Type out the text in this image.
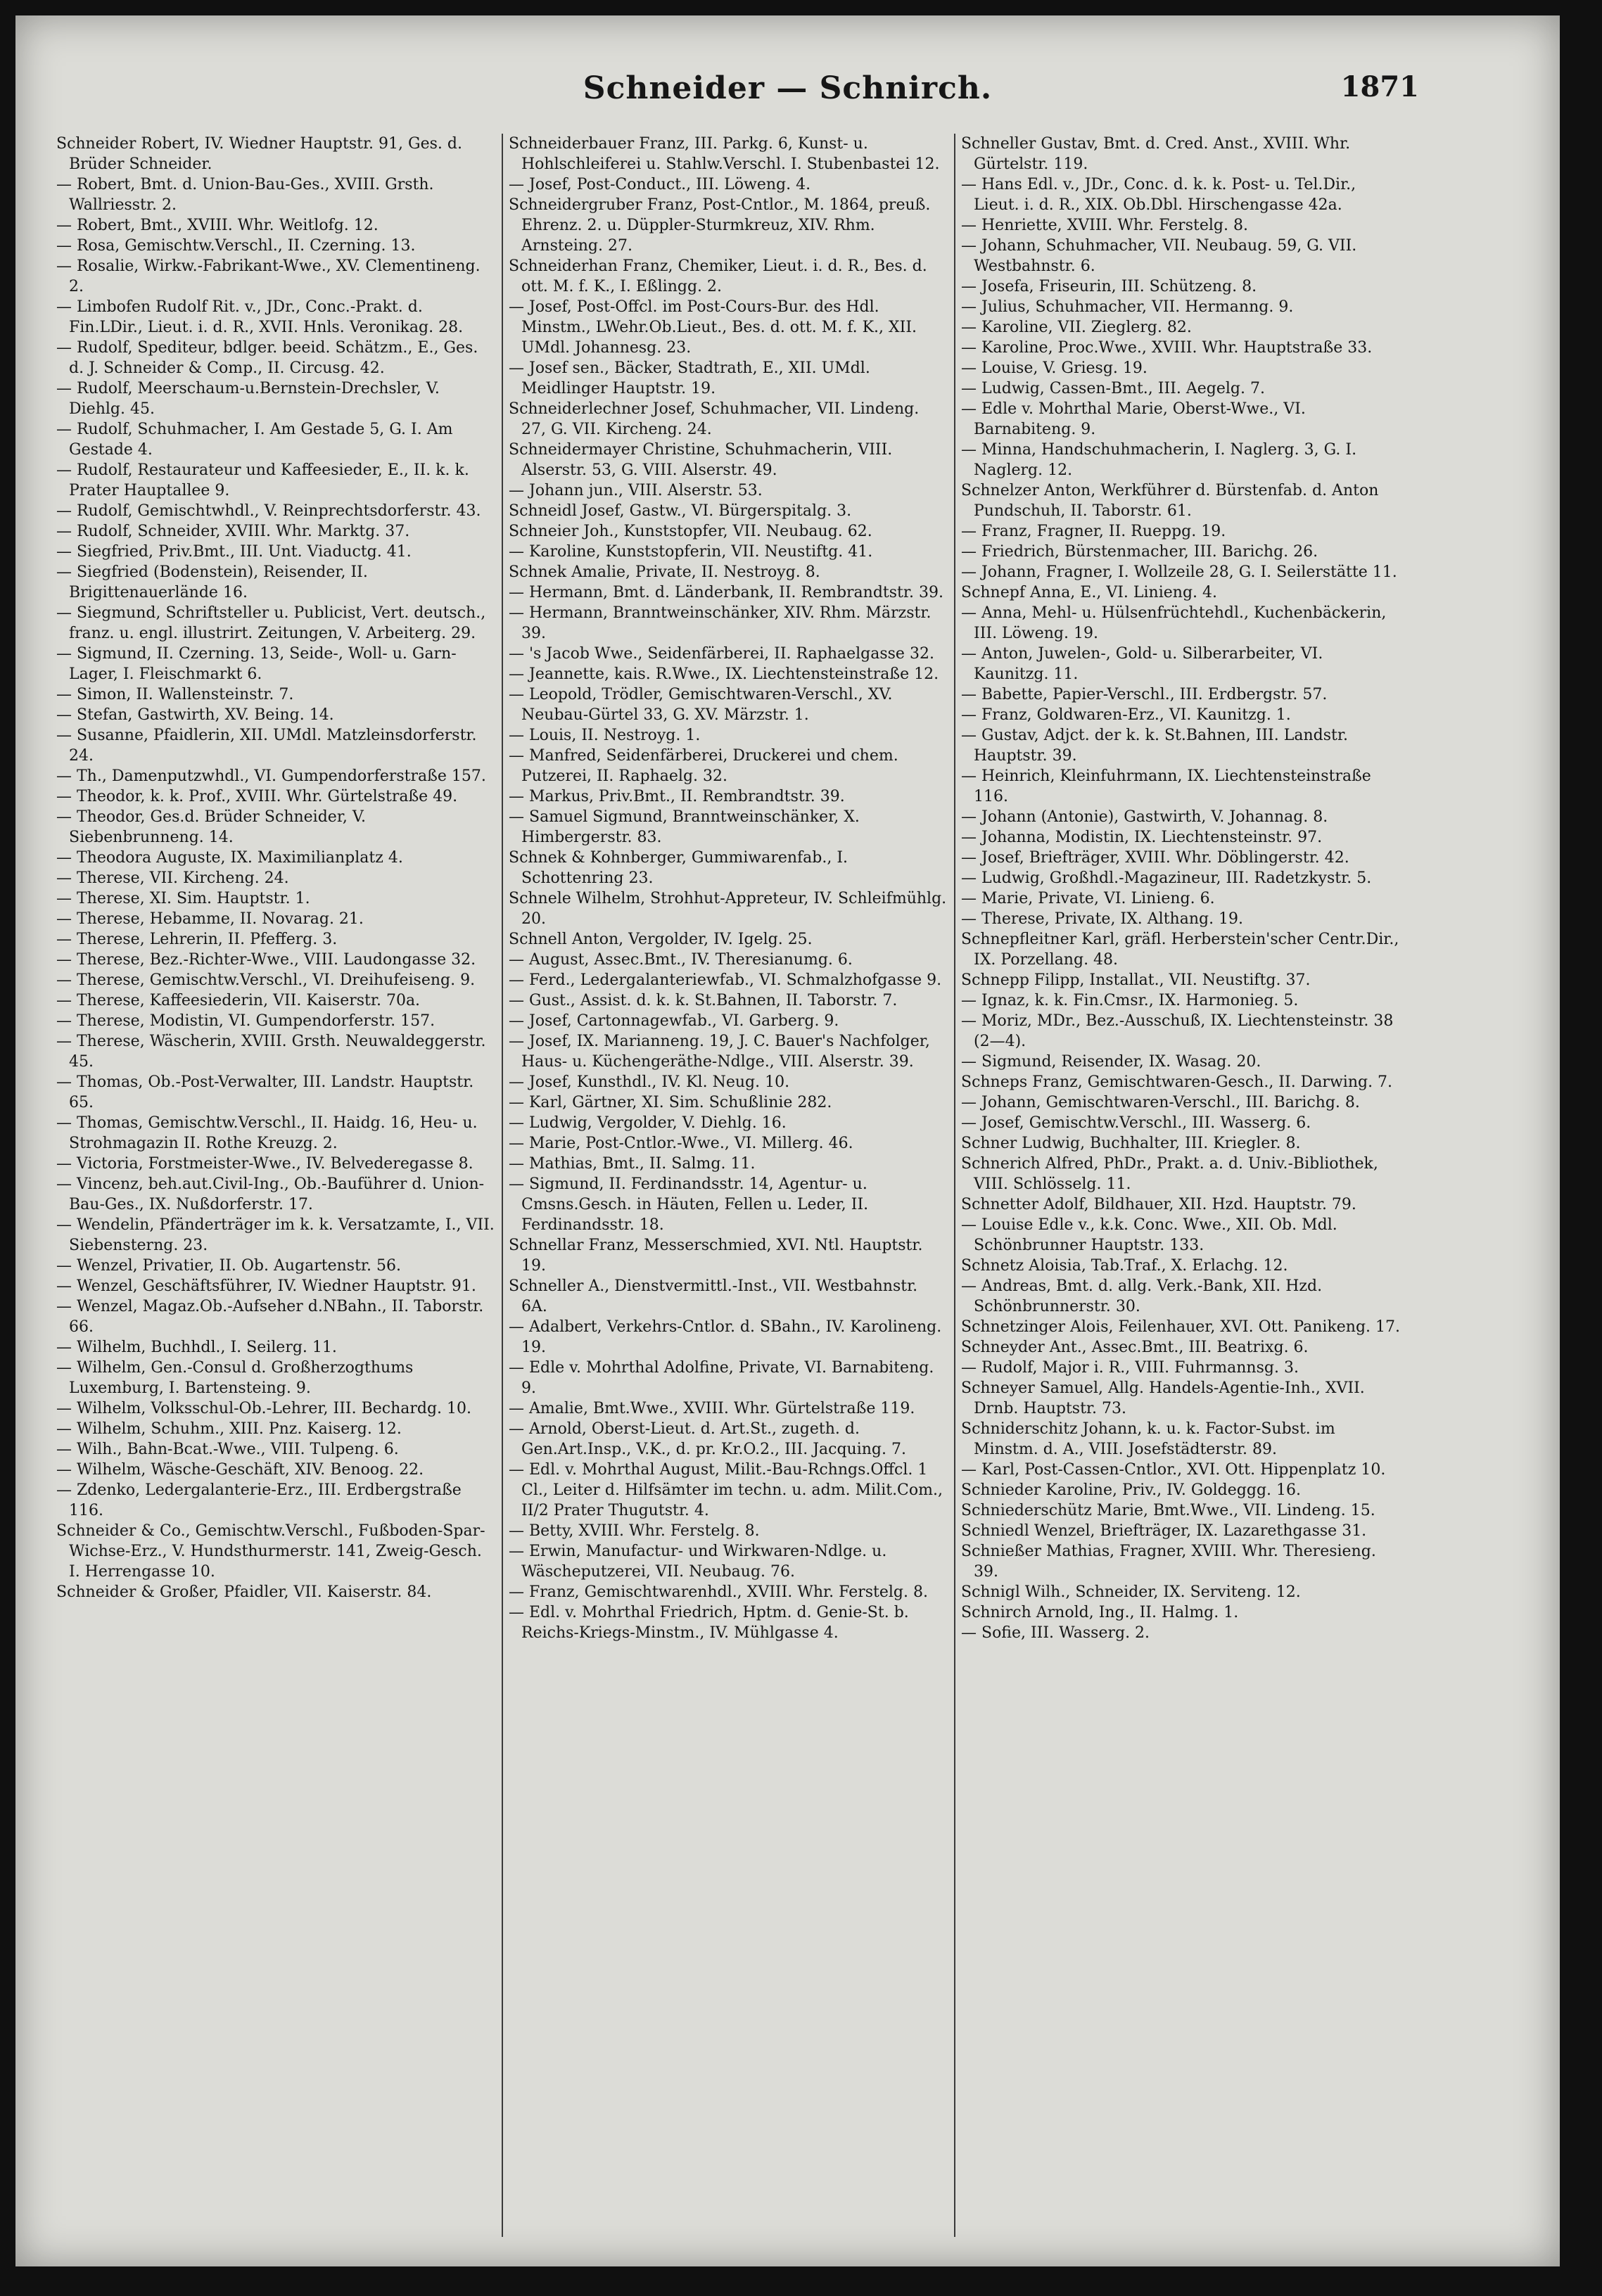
Schneider — Schnirch.	1871

Schneider Robert, IV. Wiedner Hauptstr. 91, Ges. d. Brüder Schneider.

— Robert, Bmt. d. Union-Bau-Ges., XVIII. Grsth. Wallriesstr. 2.

— Robert, Bmt., XVIII. Whr. Weitlofg. 12.

— Rosa, Gemischtw.Verschl., II. Czerning. 13.

— Rosalie, Wirkw.-Fabrikant-Wwe., XV. Clementineng. 2.

— Limbofen Rudolf Rit. v., JDr., Conc.-Prakt. d. Fin.LDir., Lieut. i. d. R., XVII. Hnls. Veronikag. 28.

— Rudolf, Spediteur, bdlger. beeid. Schätzm., E., Ges. d. J. Schneider & Comp., II. Circusg. 42.

— Rudolf, Meerschaum-u.Bernstein-Drechsler, V. Diehlg. 45.

— Rudolf, Schuhmacher, I. Am Gestade 5, G. I. Am Gestade 4.

— Rudolf, Restaurateur und Kaffeesieder, E., II. k. k. Prater Hauptallee 9.

— Rudolf, Gemischtwhdl., V. Reinprechtsdorferstr. 43.

— Rudolf, Schneider, XVIII. Whr. Marktg. 37.

— Siegfried, Priv.Bmt., III. Unt. Viaductg. 41.

— Siegfried (Bodenstein), Reisender, II. Brigittenauerlände 16.

— Siegmund, Schriftsteller u. Publicist, Vert. deutsch., franz. u. engl. illustrirt. Zeitungen, V. Arbeiterg. 29.

— Sigmund, II. Czerning. 13, Seide-, Woll- u. Garn-Lager, I. Fleischmarkt 6.

— Simon, II. Wallensteinstr. 7.

— Stefan, Gastwirth, XV. Being. 14.

— Susanne, Pfaidlerin, XII. UMdl. Matzleinsdorferstr. 24.

— Th., Damenputzwhdl., VI. Gumpendorferstraße 157.

— Theodor, k. k. Prof., XVIII. Whr. Gürtelstraße 49.

— Theodor, Ges.d. Brüder Schneider, V. Siebenbrunneng. 14.

— Theodora Auguste, IX. Maximilianplatz 4.

— Therese, VII. Kircheng. 24.

— Therese, XI. Sim. Hauptstr. 1.

— Therese, Hebamme, II. Novarag. 21.

— Therese, Lehrerin, II. Pfefferg. 3.

— Therese, Bez.-Richter-Wwe., VIII. Laudongasse 32.

— Therese, Gemischtw.Verschl., VI. Dreihufeiseng. 9.

— Therese, Kaffeesiederin, VII. Kaiserstr. 70a.

— Therese, Modistin, VI. Gumpendorferstr. 157.

— Therese, Wäscherin, XVIII. Grsth. Neuwaldeggerstr. 45.

— Thomas, Ob.-Post-Verwalter, III. Landstr. Hauptstr. 65.

— Thomas, Gemischtw.Verschl., II. Haidg. 16, Heu- u. Strohmagazin II. Rothe Kreuzg. 2.

— Victoria, Forstmeister-Wwe., IV. Belvederegasse 8.

— Vincenz, beh.aut.Civil-Ing., Ob.-Bauführer d. Union-Bau-Ges., IX. Nußdorferstr. 17.

— Wendelin, Pfänderträger im k. k. Versatzamte, I., VII. Siebensterng. 23.

— Wenzel, Privatier, II. Ob. Augartenstr. 56.

— Wenzel, Geschäftsführer, IV. Wiedner Hauptstr. 91.

— Wenzel, Magaz.Ob.-Aufseher d.NBahn., II. Taborstr. 66.

— Wilhelm, Buchhdl., I. Seilerg. 11.

— Wilhelm, Gen.-Consul d. Großherzogthums Luxemburg, I. Bartensteing. 9.

— Wilhelm, Volksschul-Ob.-Lehrer, III. Bechardg. 10.

— Wilhelm, Schuhm., XIII. Pnz. Kaiserg. 12.

— Wilh., Bahn-Bcat.-Wwe., VIII. Tulpeng. 6.

— Wilhelm, Wäsche-Geschäft, XIV. Benoog. 22.

— Zdenko, Ledergalanterie-Erz., III. Erdbergstraße 116.

Schneider & Co., Gemischtw.Verschl., Fußboden-Spar-Wichse-Erz., V. Hundsthurmerstr. 141, Zweig-Gesch. I. Herrengasse 10.

Schneider & Großer, Pfaidler, VII. Kaiserstr. 84.

Schneiderbauer Franz, III. Parkg. 6, Kunst- u. Hohlschleiferei u. Stahlw.Verschl. I. Stubenbastei 12.

— Josef, Post-Conduct., III. Löweng. 4.

Schneidergruber Franz, Post-Cntlor., M. 1864, preuß. Ehrenz. 2. u. Düppler-Sturmkreuz, XIV. Rhm. Arnsteing. 27.

Schneiderhan Franz, Chemiker, Lieut. i. d. R., Bes. d. ott. M. f. K., I. Eßlingg. 2.

— Josef, Post-Offcl. im Post-Cours-Bur. des Hdl. Minstm., LWehr.Ob.Lieut., Bes. d. ott. M. f. K., XII. UMdl. Johannesg. 23.

— Josef sen., Bäcker, Stadtrath, E., XII. UMdl. Meidlinger Hauptstr. 19.

Schneiderlechner Josef, Schuhmacher, VII. Lindeng. 27, G. VII. Kircheng. 24.

Schneidermayer Christine, Schuhmacherin, VIII. Alserstr. 53, G. VIII. Alserstr. 49.

— Johann jun., VIII. Alserstr. 53.

Schneidl Josef, Gastw., VI. Bürgerspitalg. 3.

Schneier Joh., Kunststopfer, VII. Neubaug. 62.

— Karoline, Kunststopferin, VII. Neustiftg. 41.

Schnek Amalie, Private, II. Nestroyg. 8.

— Hermann, Bmt. d. Länderbank, II. Rembrandtstr. 39.

— Hermann, Branntweinschänker, XIV. Rhm. Märzstr. 39.

— 's Jacob Wwe., Seidenfärberei, II. Raphaelgasse 32.

— Jeannette, kais. R.Wwe., IX. Liechtensteinstraße 12.

— Leopold, Trödler, Gemischtwaren-Verschl., XV. Neubau-Gürtel 33, G. XV. Märzstr. 1.

— Louis, II. Nestroyg. 1.

— Manfred, Seidenfärberei, Druckerei und chem. Putzerei, II. Raphaelg. 32.

— Markus, Priv.Bmt., II. Rembrandtstr. 39.

— Samuel Sigmund, Branntweinschänker, X. Himbergerstr. 83.

Schnek & Kohnberger, Gummiwarenfab., I. Schottenring 23.

Schnele Wilhelm, Strohhut-Appreteur, IV. Schleifmühlg. 20.

Schnell Anton, Vergolder, IV. Igelg. 25.

— August, Assec.Bmt., IV. Theresianumg. 6.

— Ferd., Ledergalanteriewfab., VI. Schmalzhofgasse 9.

— Gust., Assist. d. k. k. St.Bahnen, II. Taborstr. 7.

— Josef, Cartonnagewfab., VI. Garberg. 9.

— Josef, IX. Marianneng. 19, J. C. Bauer's Nachfolger, Haus- u. Küchengeräthe-Ndlge., VIII. Alserstr. 39.

— Josef, Kunsthdl., IV. Kl. Neug. 10.

— Karl, Gärtner, XI. Sim. Schußlinie 282.

— Ludwig, Vergolder, V. Diehlg. 16.

— Marie, Post-Cntlor.-Wwe., VI. Millerg. 46.

— Mathias, Bmt., II. Salmg. 11.

— Sigmund, II. Ferdinandsstr. 14, Agentur- u. Cmsns.Gesch. in Häuten, Fellen u. Leder, II. Ferdinandsstr. 18.

Schnellar Franz, Messerschmied, XVI. Ntl. Hauptstr. 19.

Schneller A., Dienstvermittl.-Inst., VII. Westbahnstr. 6A.

— Adalbert, Verkehrs-Cntlor. d. SBahn., IV. Karolineng. 19.

— Edle v. Mohrthal Adolfine, Private, VI. Barnabiteng. 9.

— Amalie, Bmt.Wwe., XVIII. Whr. Gürtelstraße 119.

— Arnold, Oberst-Lieut. d. Art.St., zugeth. d. Gen.Art.Insp., V.K., d. pr. Kr.O.2., III. Jacquing. 7.

— Edl. v. Mohrthal August, Milit.-Bau-Rchngs.Offcl. 1 Cl., Leiter d. Hilfsämter im techn. u. adm. Milit.Com., II/2 Prater Thugutstr. 4.

— Betty, XVIII. Whr. Ferstelg. 8.

— Erwin, Manufactur- und Wirkwaren-Ndlge. u. Wäscheputzerei, VII. Neubaug. 76.

— Franz, Gemischtwarenhdl., XVIII. Whr. Ferstelg. 8.

— Edl. v. Mohrthal Friedrich, Hptm. d. Genie-St. b. Reichs-Kriegs-Minstm., IV. Mühlgasse 4.

Schneller Gustav, Bmt. d. Cred. Anst., XVIII. Whr. Gürtelstr. 119.

— Hans Edl. v., JDr., Conc. d. k. k. Post- u. Tel.Dir., Lieut. i. d. R., XIX. Ob.Dbl. Hirschengasse 42a.

— Henriette, XVIII. Whr. Ferstelg. 8.

— Johann, Schuhmacher, VII. Neubaug. 59, G. VII. Westbahnstr. 6.

— Josefa, Friseurin, III. Schützeng. 8.

— Julius, Schuhmacher, VII. Hermanng. 9.

— Karoline, VII. Zieglerg. 82.

— Karoline, Proc.Wwe., XVIII. Whr. Hauptstraße 33.

— Louise, V. Griesg. 19.

— Ludwig, Cassen-Bmt., III. Aegelg. 7.

— Edle v. Mohrthal Marie, Oberst-Wwe., VI. Barnabiteng. 9.

— Minna, Handschuhmacherin, I. Naglerg. 3, G. I. Naglerg. 12.

Schnelzer Anton, Werkführer d. Bürstenfab. d. Anton Pundschuh, II. Taborstr. 61.

— Franz, Fragner, II. Rueppg. 19.

— Friedrich, Bürstenmacher, III. Barichg. 26.

— Johann, Fragner, I. Wollzeile 28, G. I. Seilerstätte 11.

Schnepf Anna, E., VI. Linieng. 4.

— Anna, Mehl- u. Hülsenfrüchtehdl., Kuchenbäckerin, III. Löweng. 19.

— Anton, Juwelen-, Gold- u. Silberarbeiter, VI. Kaunitzg. 11.

— Babette, Papier-Verschl., III. Erdbergstr. 57.

— Franz, Goldwaren-Erz., VI. Kaunitzg. 1.

— Gustav, Adjct. der k. k. St.Bahnen, III. Landstr. Hauptstr. 39.

— Heinrich, Kleinfuhrmann, IX. Liechtensteinstraße 116.

— Johann (Antonie), Gastwirth, V. Johannag. 8.

— Johanna, Modistin, IX. Liechtensteinstr. 97.

— Josef, Briefträger, XVIII. Whr. Döblingerstr. 42.

— Ludwig, Großhdl.-Magazineur, III. Radetzkystr. 5.

— Marie, Private, VI. Linieng. 6.

— Therese, Private, IX. Althang. 19.

Schnepfleitner Karl, gräfl. Herberstein'scher Centr.Dir., IX. Porzellang. 48.

Schnepp Filipp, Installat., VII. Neustiftg. 37.

— Ignaz, k. k. Fin.Cmsr., IX. Harmonieg. 5.

— Moriz, MDr., Bez.-Ausschuß, IX. Liechtensteinstr. 38 (2—4).

— Sigmund, Reisender, IX. Wasag. 20.

Schneps Franz, Gemischtwaren-Gesch., II. Darwing. 7.

— Johann, Gemischtwaren-Verschl., III. Barichg. 8.

— Josef, Gemischtw.Verschl., III. Wasserg. 6.

Schner Ludwig, Buchhalter, III. Kriegler. 8.

Schnerich Alfred, PhDr., Prakt. a. d. Univ.-Bibliothek, VIII. Schlösselg. 11.

Schnetter Adolf, Bildhauer, XII. Hzd. Hauptstr. 79.

— Louise Edle v., k.k. Conc. Wwe., XII. Ob. Mdl. Schönbrunner Hauptstr. 133.

Schnetz Aloisia, Tab.Traf., X. Erlachg. 12.

— Andreas, Bmt. d. allg. Verk.-Bank, XII. Hzd. Schönbrunnerstr. 30.

Schnetzinger Alois, Feilenhauer, XVI. Ott. Panikeng. 17.

Schneyder Ant., Assec.Bmt., III. Beatrixg. 6.

— Rudolf, Major i. R., VIII. Fuhrmannsg. 3.

Schneyer Samuel, Allg. Handels-Agentie-Inh., XVII. Drnb. Hauptstr. 73.

Schniderschitz Johann, k. u. k. Factor-Subst. im Minstm. d. A., VIII. Josefstädterstr. 89.

— Karl, Post-Cassen-Cntlor., XVI. Ott. Hippenplatz 10.

Schnieder Karoline, Priv., IV. Goldeggg. 16.

Schniederschütz Marie, Bmt.Wwe., VII. Lindeng. 15.

Schniedl Wenzel, Briefträger, IX. Lazarethgasse 31.

Schnießer Mathias, Fragner, XVIII. Whr. Theresieng. 39.

Schnigl Wilh., Schneider, IX. Serviteng. 12.

Schnirch Arnold, Ing., II. Halmg. 1.

— Sofie, III. Wasserg. 2.
